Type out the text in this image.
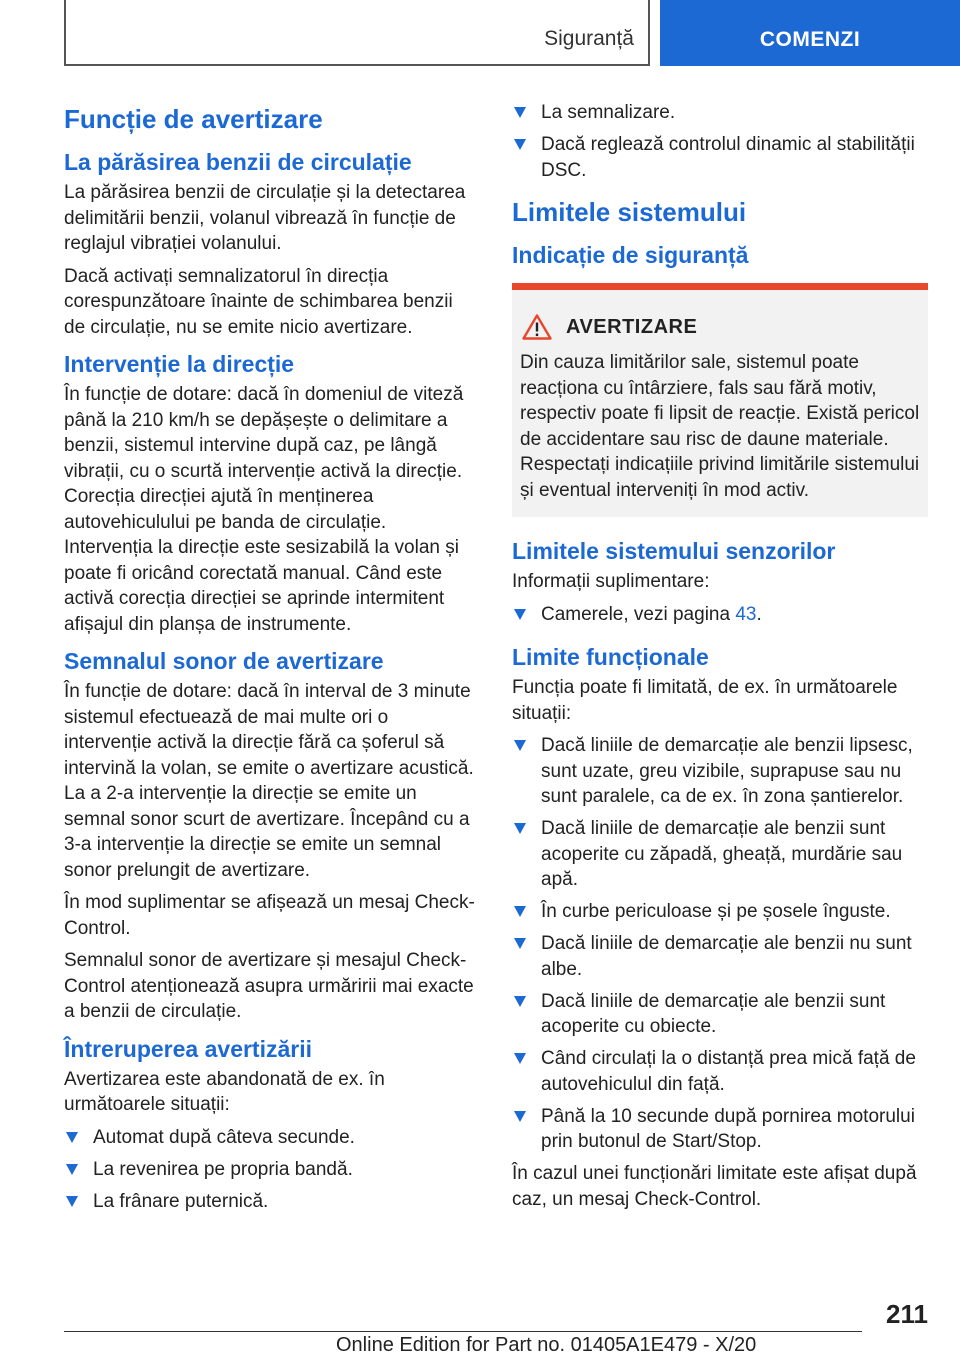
Siguranță	COMENZI
Funcție de avertizare
La părăsirea benzii de circulație

La părăsirea benzii de circulație și la detectarea delimitării benzii, volanul vibrează în funcție de reglajul vibrației volanului.

Dacă activați semnalizatorul în direcția corespunzătoare înainte de schimbarea benzii de circulație, nu se emite nicio avertizare.

Intervenție la direcție

În funcție de dotare: dacă în domeniul de viteză până la 210 km/h se depășește o delimitare a benzii, sistemul intervine după caz, pe lângă vibrații, cu o scurtă intervenție activă la direcție. Corecția direcției ajută în menținerea autovehiculului pe banda de circulație. Intervenția la direcție este sesizabilă la volan și poate fi oricând corectată manual. Când este activă corecția direcției se aprinde intermitent afișajul din planșa de instrumente.

Semnalul sonor de avertizare

În funcție de dotare: dacă în interval de 3 minute sistemul efectuează de mai multe ori o intervenție activă la direcție fără ca șoferul să intervină la volan, se emite o avertizare acustică. La a 2-a intervenție la direcție se emite un semnal sonor scurt de avertizare. Începând cu a 3-a intervenție la direcție se emite un semnal sonor prelungit de avertizare.

În mod suplimentar se afișează un mesaj Check-Control.

Semnalul sonor de avertizare și mesajul Check-Control atenționează asupra urmăririi mai exacte a benzii de circulație.

Întreruperea avertizării

Avertizarea este abandonată de ex. în următoarele situații:

Automat după câteva secunde.
La revenirea pe propria bandă.
La frânare puternică.
La semnalizare.
Dacă reglează controlul dinamic al stabilității DSC.
Limitele sistemului
Indicație de siguranță
AVERTIZARE

Din cauza limitărilor sale, sistemul poate reacționa cu întârziere, fals sau fără motiv, respectiv poate fi lipsit de reacție. Există pericol de accidentare sau risc de daune materiale. Respectați indicațiile privind limitările sistemului și eventual interveniți în mod activ.

Limitele sistemului senzorilor

Informații suplimentare:

Camerele, vezi pagina 43.
Limite funcționale

Funcția poate fi limitată, de ex. în următoarele situații:

Dacă liniile de demarcație ale benzii lipsesc, sunt uzate, greu vizibile, suprapuse sau nu sunt paralele, ca de ex. în zona șantierelor.
Dacă liniile de demarcație ale benzii sunt acoperite cu zăpadă, gheață, murdărie sau apă.
În curbe periculoase și pe șosele înguste.
Dacă liniile de demarcație ale benzii nu sunt albe.
Dacă liniile de demarcație ale benzii sunt acoperite cu obiecte.
Când circulați la o distanță prea mică față de autovehiculul din față.
Până la 10 secunde după pornirea motorului prin butonul de Start/Stop.

În cazul unei funcționări limitate este afișat după caz, un mesaj Check-Control.

211
Online Edition for Part no. 01405A1E479 - X/20
